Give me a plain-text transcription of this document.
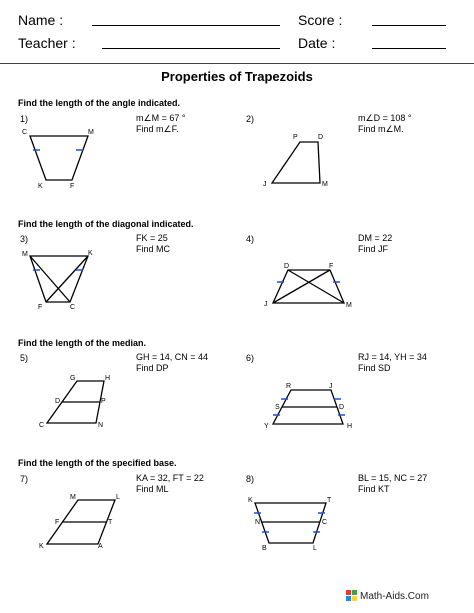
Name :	Score :
Teacher :	Date :
Properties of Trapezoids
Find the length of the angle indicated.
Find the length of the diagonal indicated.
Find the length of the median.
Find the length of the specified base.
1)	m∠M = 67 °
Find m∠F.
C	M
K	F
P	D
J	M
M	K
F	C
D	F
J	M
G	H
D	P
C	N
R	J
S	D
Y	H
M	L
F	T
K	A
K	T
N	C
B	L
2)	m∠D = 108 °
Find m∠M.
3)	FK = 25
Find MC
4)	DM = 22
Find JF
5)	GH = 14, CN = 44
Find DP
6)	RJ = 14, YH = 34
Find SD
7)	KA = 32, FT = 22
Find ML
8)	BL = 15, NC = 27
Find KT
Math-Aids.Com
